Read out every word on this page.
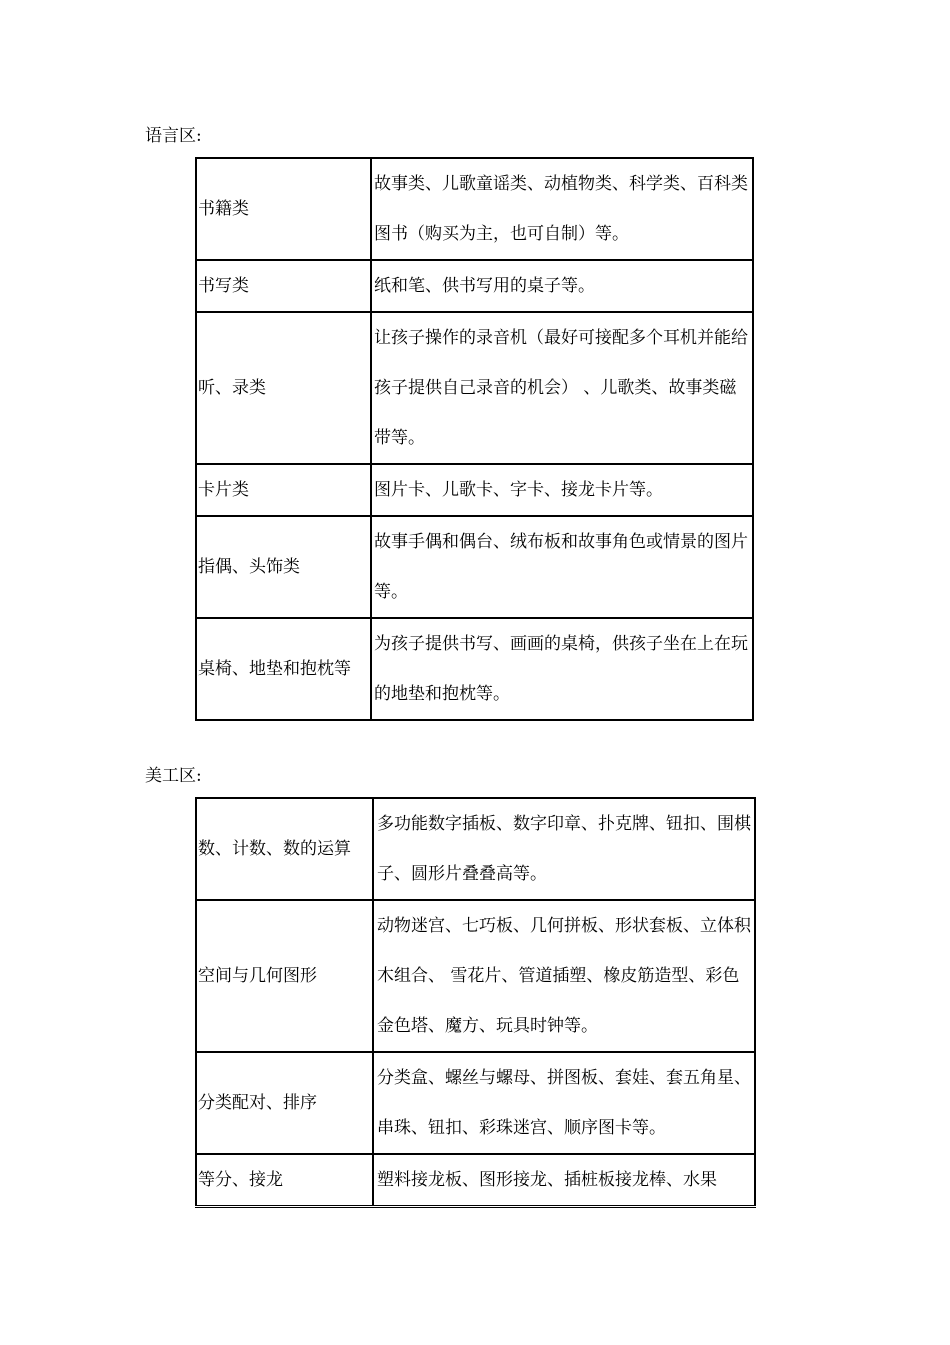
语言区:
书籍类	故事类、儿歌童谣类、动植物类、科学类、百科类图书（购买为主，也可自制）等。
书写类	纸和笔、供书写用的桌子等。
听、录类	让孩子操作的录音机（最好可接配多个耳机并能给孩子提供自己录音的机会） 、儿歌类、故事类磁带等。
卡片类	图片卡、儿歌卡、字卡、接龙卡片等。
指偶、头饰类	故事手偶和偶台、绒布板和故事角色或情景的图片等。
桌椅、地垫和抱枕等	为孩子提供书写、画画的桌椅，供孩子坐在上在玩的地垫和抱枕等。
美工区:
数、计数、数的运算	多功能数字插板、数字印章、扑克牌、钮扣、围棋子、圆形片叠叠高等。
空间与几何图形	动物迷宫、七巧板、几何拼板、形状套板、立体积木组合、 雪花片、管道插塑、橡皮筋造型、彩色金色塔、魔方、玩具时钟等。
分类配对、排序	分类盒、螺丝与螺母、拼图板、套娃、套五角星、串珠、钮扣、彩珠迷宫、顺序图卡等。
等分、接龙	塑料接龙板、图形接龙、插桩板接龙棒、水果
